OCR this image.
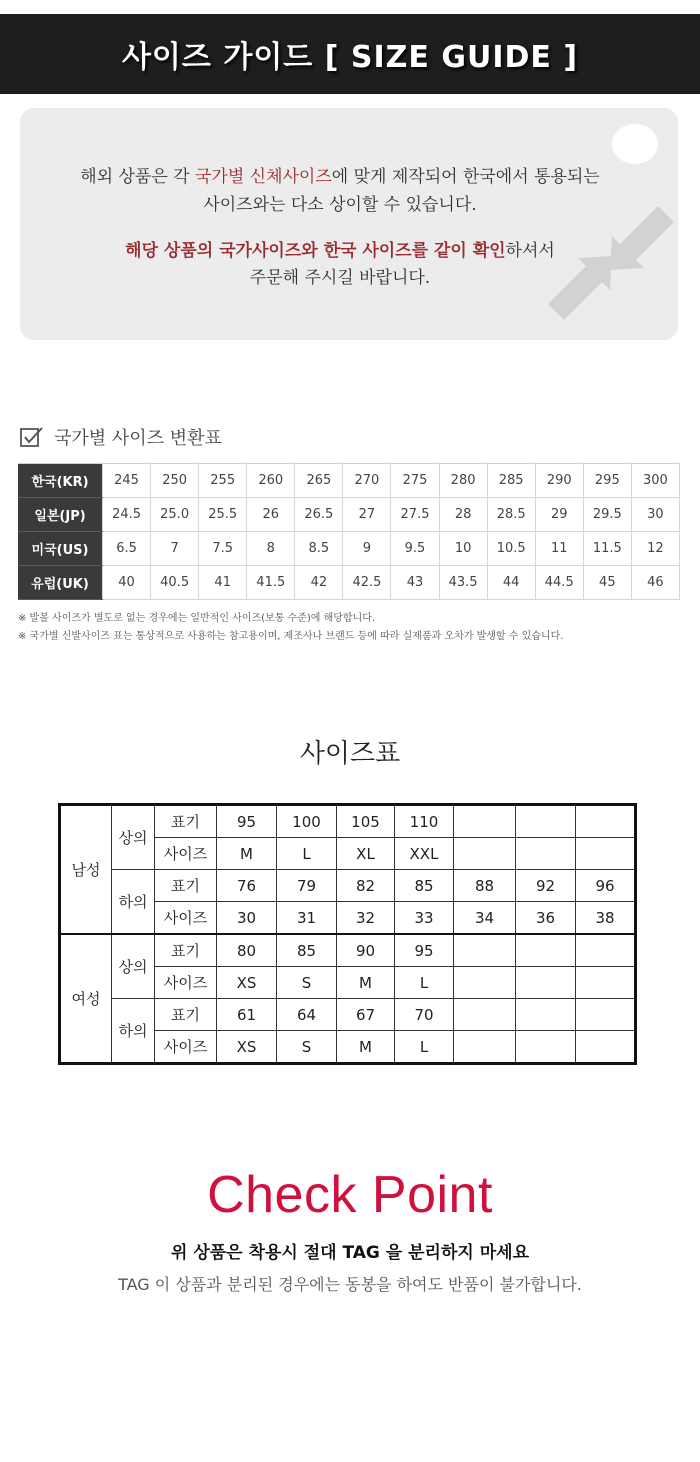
사이즈 가이드 [ SIZE GUIDE ]
해외 상품은 각 국가별 신체사이즈에 맞게 제작되어 한국에서 통용되는
사이즈와는 다소 상이할 수 있습니다.
해당 상품의 국가사이즈와 한국 사이즈를 같이 확인하셔서
주문해 주시길 바랍니다.
국가별 사이즈 변환표
한국(KR)	245	250	255	260	265	270	275	280	285	290	295	300
일본(JP)	24.5	25.0	25.5	26	26.5	27	27.5	28	28.5	29	29.5	30
미국(US)	6.5	7	7.5	8	8.5	9	9.5	10	10.5	11	11.5	12
유럽(UK)	40	40.5	41	41.5	42	42.5	43	43.5	44	44.5	45	46
※ 발볼 사이즈가 별도로 없는 경우에는 일반적인 사이즈(보통 수준)에 해당합니다.
※ 국가별 신발사이즈 표는 통상적으로 사용하는 참고용이며, 제조사나 브랜드 등에 따라 실제품과 오차가 발생할 수 있습니다.
사이즈표
남성	상의	표기	95	100	105	110			
		사이즈	M	L	XL	XXL			
	하의	표기	76	79	82	85	88	92	96
		사이즈	30	31	32	33	34	36	38
여성	상의	표기	80	85	90	95			
		사이즈	XS	S	M	L			
	하의	표기	61	64	67	70			
		사이즈	XS	S	M	L			
Check Point
위 상품은 착용시 절대 TAG 을 분리하지 마세요
TAG 이 상품과 분리된 경우에는 동봉을 하여도 반품이 불가합니다.
